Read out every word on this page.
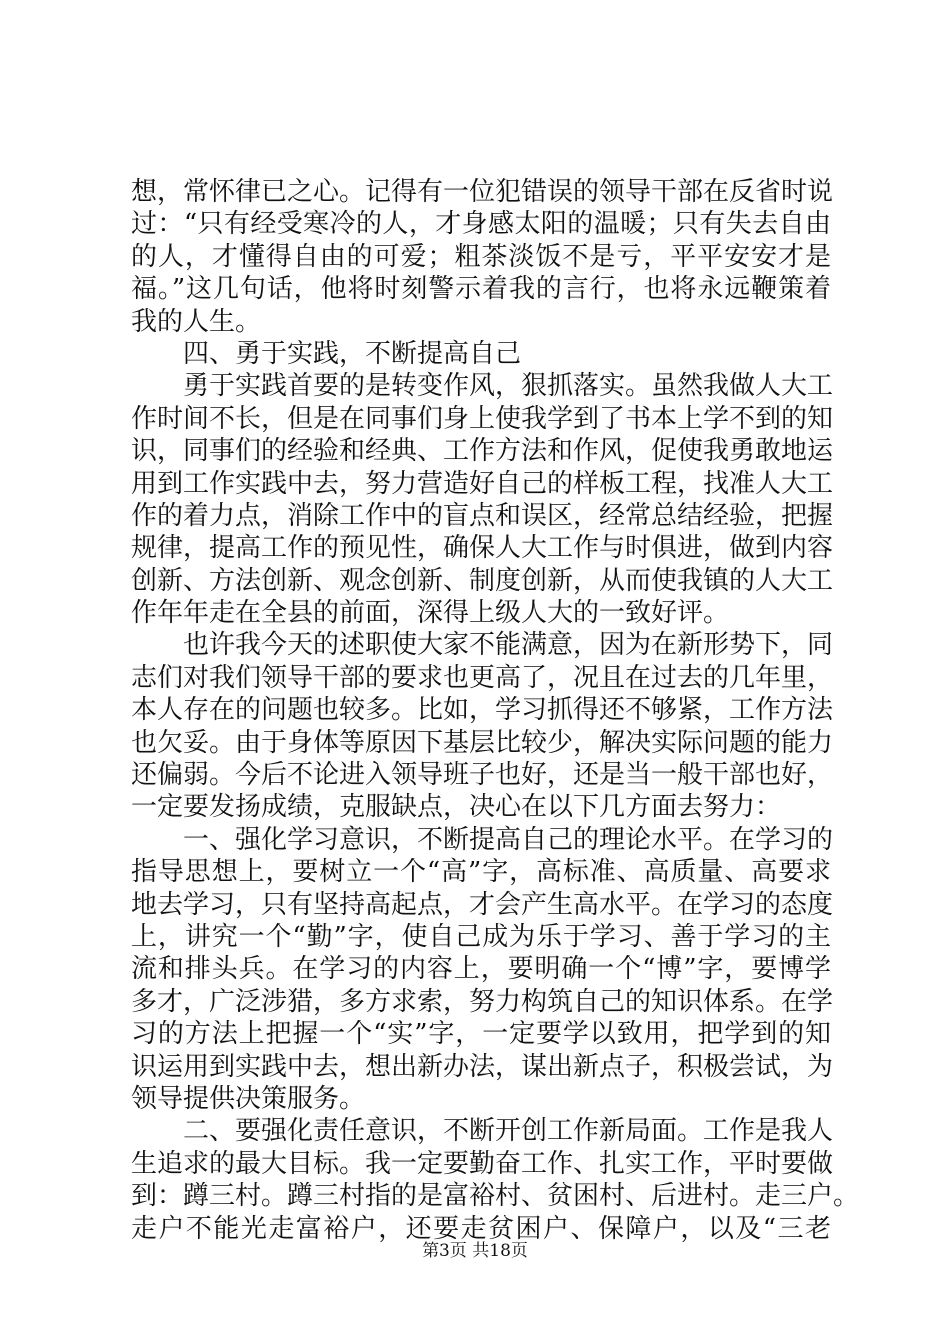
想，常怀律已之心。记得有一位犯错误的领导干部在反省时说
过：“只有经受寒冷的人，才身感太阳的温暖；只有失去自由
的人，才懂得自由的可爱；粗茶淡饭不是亏，平平安安才是
福。”这几句话，他将时刻警示着我的言行，也将永远鞭策着
我的人生。
四、勇于实践，不断提高自己
勇于实践首要的是转变作风，狠抓落实。虽然我做人大工
作时间不长，但是在同事们身上使我学到了书本上学不到的知
识，同事们的经验和经典、工作方法和作风，促使我勇敢地运
用到工作实践中去，努力营造好自己的样板工程，找准人大工
作的着力点，消除工作中的盲点和误区，经常总结经验，把握
规律，提高工作的预见性，确保人大工作与时俱进，做到内容
创新、方法创新、观念创新、制度创新，从而使我镇的人大工
作年年走在全县的前面，深得上级人大的一致好评。
也许我今天的述职使大家不能满意，因为在新形势下，同
志们对我们领导干部的要求也更高了，况且在过去的几年里，
本人存在的问题也较多。比如，学习抓得还不够紧，工作方法
也欠妥。由于身体等原因下基层比较少，解决实际问题的能力
还偏弱。今后不论进入领导班子也好，还是当一般干部也好，
一定要发扬成绩，克服缺点，决心在以下几方面去努力：
一、强化学习意识，不断提高自己的理论水平。在学习的
指导思想上，要树立一个“高”字，高标准、高质量、高要求
地去学习，只有坚持高起点，才会产生高水平。在学习的态度
上，讲究一个“勤”字，使自己成为乐于学习、善于学习的主
流和排头兵。在学习的内容上，要明确一个“博”字，要博学
多才，广泛涉猎，多方求索，努力构筑自己的知识体系。在学
习的方法上把握一个“实”字，一定要学以致用，把学到的知
识运用到实践中去，想出新办法，谋出新点子，积极尝试，为
领导提供决策服务。
二、要强化责任意识，不断开创工作新局面。工作是我人
生追求的最大目标。我一定要勤奋工作、扎实工作，平时要做
到：蹲三村。蹲三村指的是富裕村、贫困村、后进村。走三户。
走户不能光走富裕户，还要走贫困户、保障户，以及“三老
第3页 共18页
